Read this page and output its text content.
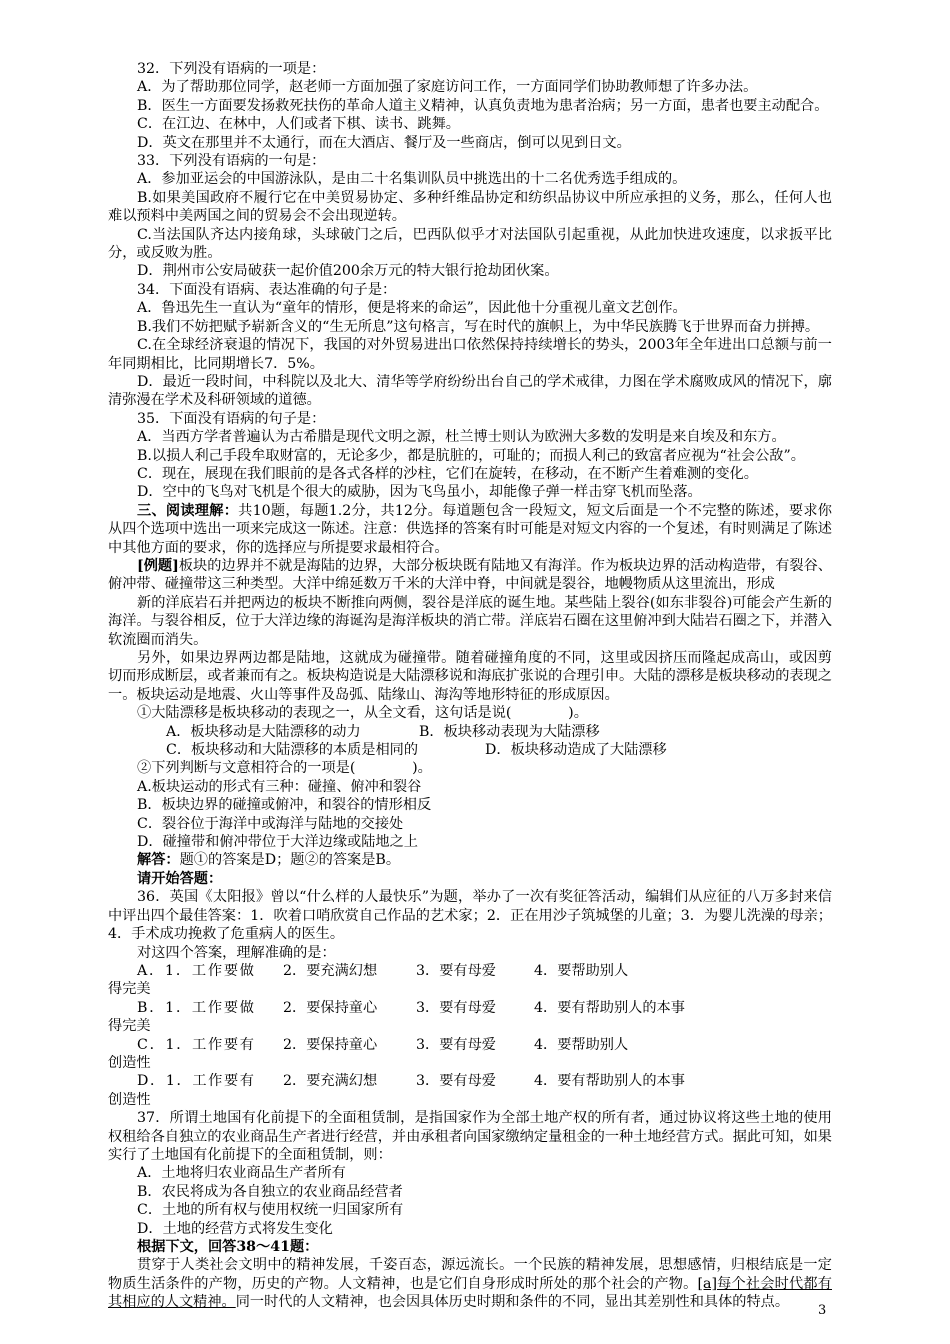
32．下列没有语病的一项是：

A．为了帮助那位同学，赵老师一方面加强了家庭访问工作，一方面同学们协助教师想了许多办法。

B．医生一方面要发扬救死扶伤的革命人道主义精神，认真负责地为患者治病；另一方面，患者也要主动配合。

C．在江边、在林中，人们或者下棋、读书、跳舞。

D．英文在那里并不太通行，而在大酒店、餐厅及一些商店，倒可以见到日文。

33．下列没有语病的一句是：

A．参加亚运会的中国游泳队，是由二十名集训队员中挑选出的十二名优秀选手组成的。

B.如果美国政府不履行它在中美贸易协定、多种纤维品协定和纺织品协议中所应承担的义务，那么，任何人也难以预料中美两国之间的贸易会不会出现逆转。

C.当法国队齐达内接角球，头球破门之后，巴西队似乎才对法国队引起重视，从此加快进攻速度，以求扳平比分，或反败为胜。

D．荆州市公安局破获一起价值200余万元的特大银行抢劫团伙案。

34．下面没有语病、表达准确的句子是：

A．鲁迅先生一直认为“童年的情形，便是将来的命运”，因此他十分重视儿童文艺创作。

B.我们不妨把赋予崭新含义的“生无所息”这句格言，写在时代的旗帜上，为中华民族腾飞于世界而奋力拼搏。

C.在全球经济衰退的情况下，我国的对外贸易进出口依然保持持续增长的势头，2003年全年进出口总额与前一年同期相比，比同期增长7．5%。

D．最近一段时间，中科院以及北大、清华等学府纷纷出台自己的学术戒律，力图在学术腐败成风的情况下，廓清弥漫在学术及科研领域的道德。

35．下面没有语病的句子是：

A．当西方学者普遍认为古希腊是现代文明之源，杜兰博士则认为欧洲大多数的发明是来自埃及和东方。

B.以损人利己手段牟取财富的，无论多少，都是肮脏的，可耻的；而损人利己的致富者应视为“社会公敌”。

C．现在，展现在我们眼前的是各式各样的沙柱，它们在旋转，在移动，在不断产生着难测的变化。

D．空中的飞鸟对飞机是个很大的威胁，因为飞鸟虽小，却能像子弹一样击穿飞机而坠落。

三、阅读理解：共10题，每题1.2分，共12分。每道题包含一段短文，短文后面是一个不完整的陈述，要求你从四个选项中选出一项来完成这一陈述。注意：供选择的答案有时可能是对短文内容的一个复述，有时则满足了陈述中其他方面的要求，你的选择应与所提要求最相符合。

[例题]板块的边界并不就是海陆的边界，大部分板块既有陆地又有海洋。作为板块边界的活动构造带，有裂谷、俯冲带、碰撞带这三种类型。大洋中绵延数万千米的大洋中脊，中间就是裂谷，地幔物质从这里流出，形成

新的洋底岩石并把两边的板块不断推向两侧，裂谷是洋底的诞生地。某些陆上裂谷(如东非裂谷)可能会产生新的海洋。与裂谷相反，位于大洋边缘的海诞沟是海洋板块的消亡带。洋底岩石圈在这里俯冲到大陆岩石圈之下，并潜入软流圈而消失。

另外，如果边界两边都是陆地，这就成为碰撞带。随着碰撞角度的不同，这里或因挤压而隆起成高山，或因剪切而形成断层，或者兼而有之。板块构造说是大陆漂移说和海底扩张说的合理引申。大陆的漂移是板块移动的表现之一。板块运动是地震、火山等事件及岛弧、陆缘山、海沟等地形特征的形成原因。

①大陆漂移是板块移动的表现之一，从全文看，这句话是说(　　　　)。

A．板块移动是大陆漂移的动力	B．板块移动表现为大陆漂移

C．板块移动和大陆漂移的本质是相同的	D．板块移动造成了大陆漂移

②下列判断与文意相符合的一项是(　　　　)。

A.板块运动的形式有三种：碰撞、俯冲和裂谷

B．板块边界的碰撞或俯冲，和裂谷的情形相反

C．裂谷位于海洋中或海洋与陆地的交接处

D．碰撞带和俯冲带位于大洋边缘或陆地之上

解答：题①的答案是D；题②的答案是B。

请开始答题：

36．英国《太阳报》曾以“什么样的人最快乐”为题，举办了一次有奖征答活动，编辑们从应征的八万多封来信中评出四个最佳答案：1．吹着口哨欣赏自己作品的艺术家；2．正在用沙子筑城堡的儿童；3．为婴儿洗澡的母亲；4．手术成功挽救了危重病人的医生。

对这四个答案，理解准确的是：

A．1．工作要做得完美
2．要充满幻想	3．要有母爱	4．要帮助别人

B．1．工作要做得完美
2．要保持童心	3．要有母爱	4．要有帮助别人的本事

C．1．工作要有创造性
2．要保持童心	3．要有母爱	4．要帮助别人

D．1．工作要有创造性
2．要充满幻想	3．要有母爱	4．要有帮助别人的本事

37．所谓土地国有化前提下的全面租赁制，是指国家作为全部土地产权的所有者，通过协议将这些土地的使用权租给各自独立的农业商品生产者进行经营，并由承租者向国家缴纳定量租金的一种土地经营方式。据此可知，如果实行了土地国有化前提下的全面租赁制，则：

A．土地将归农业商品生产者所有

B．农民将成为各自独立的农业商品经营者

C．土地的所有权与使用权统一归国家所有

D．土地的经营方式将发生变化

根据下文，回答38～41题：

贯穿于人类社会文明中的精神发展，千姿百态，源远流长。一个民族的精神发展，思想感情，归根结底是一定物质生活条件的产物，历史的产物。人文精神，也是它们自身形成时所处的那个社会的产物。[a]每个社会时代都有其相应的人文精神。同一时代的人文精神，也会因具体历史时期和条件的不同，显出其差别性和具体的特点。

3
